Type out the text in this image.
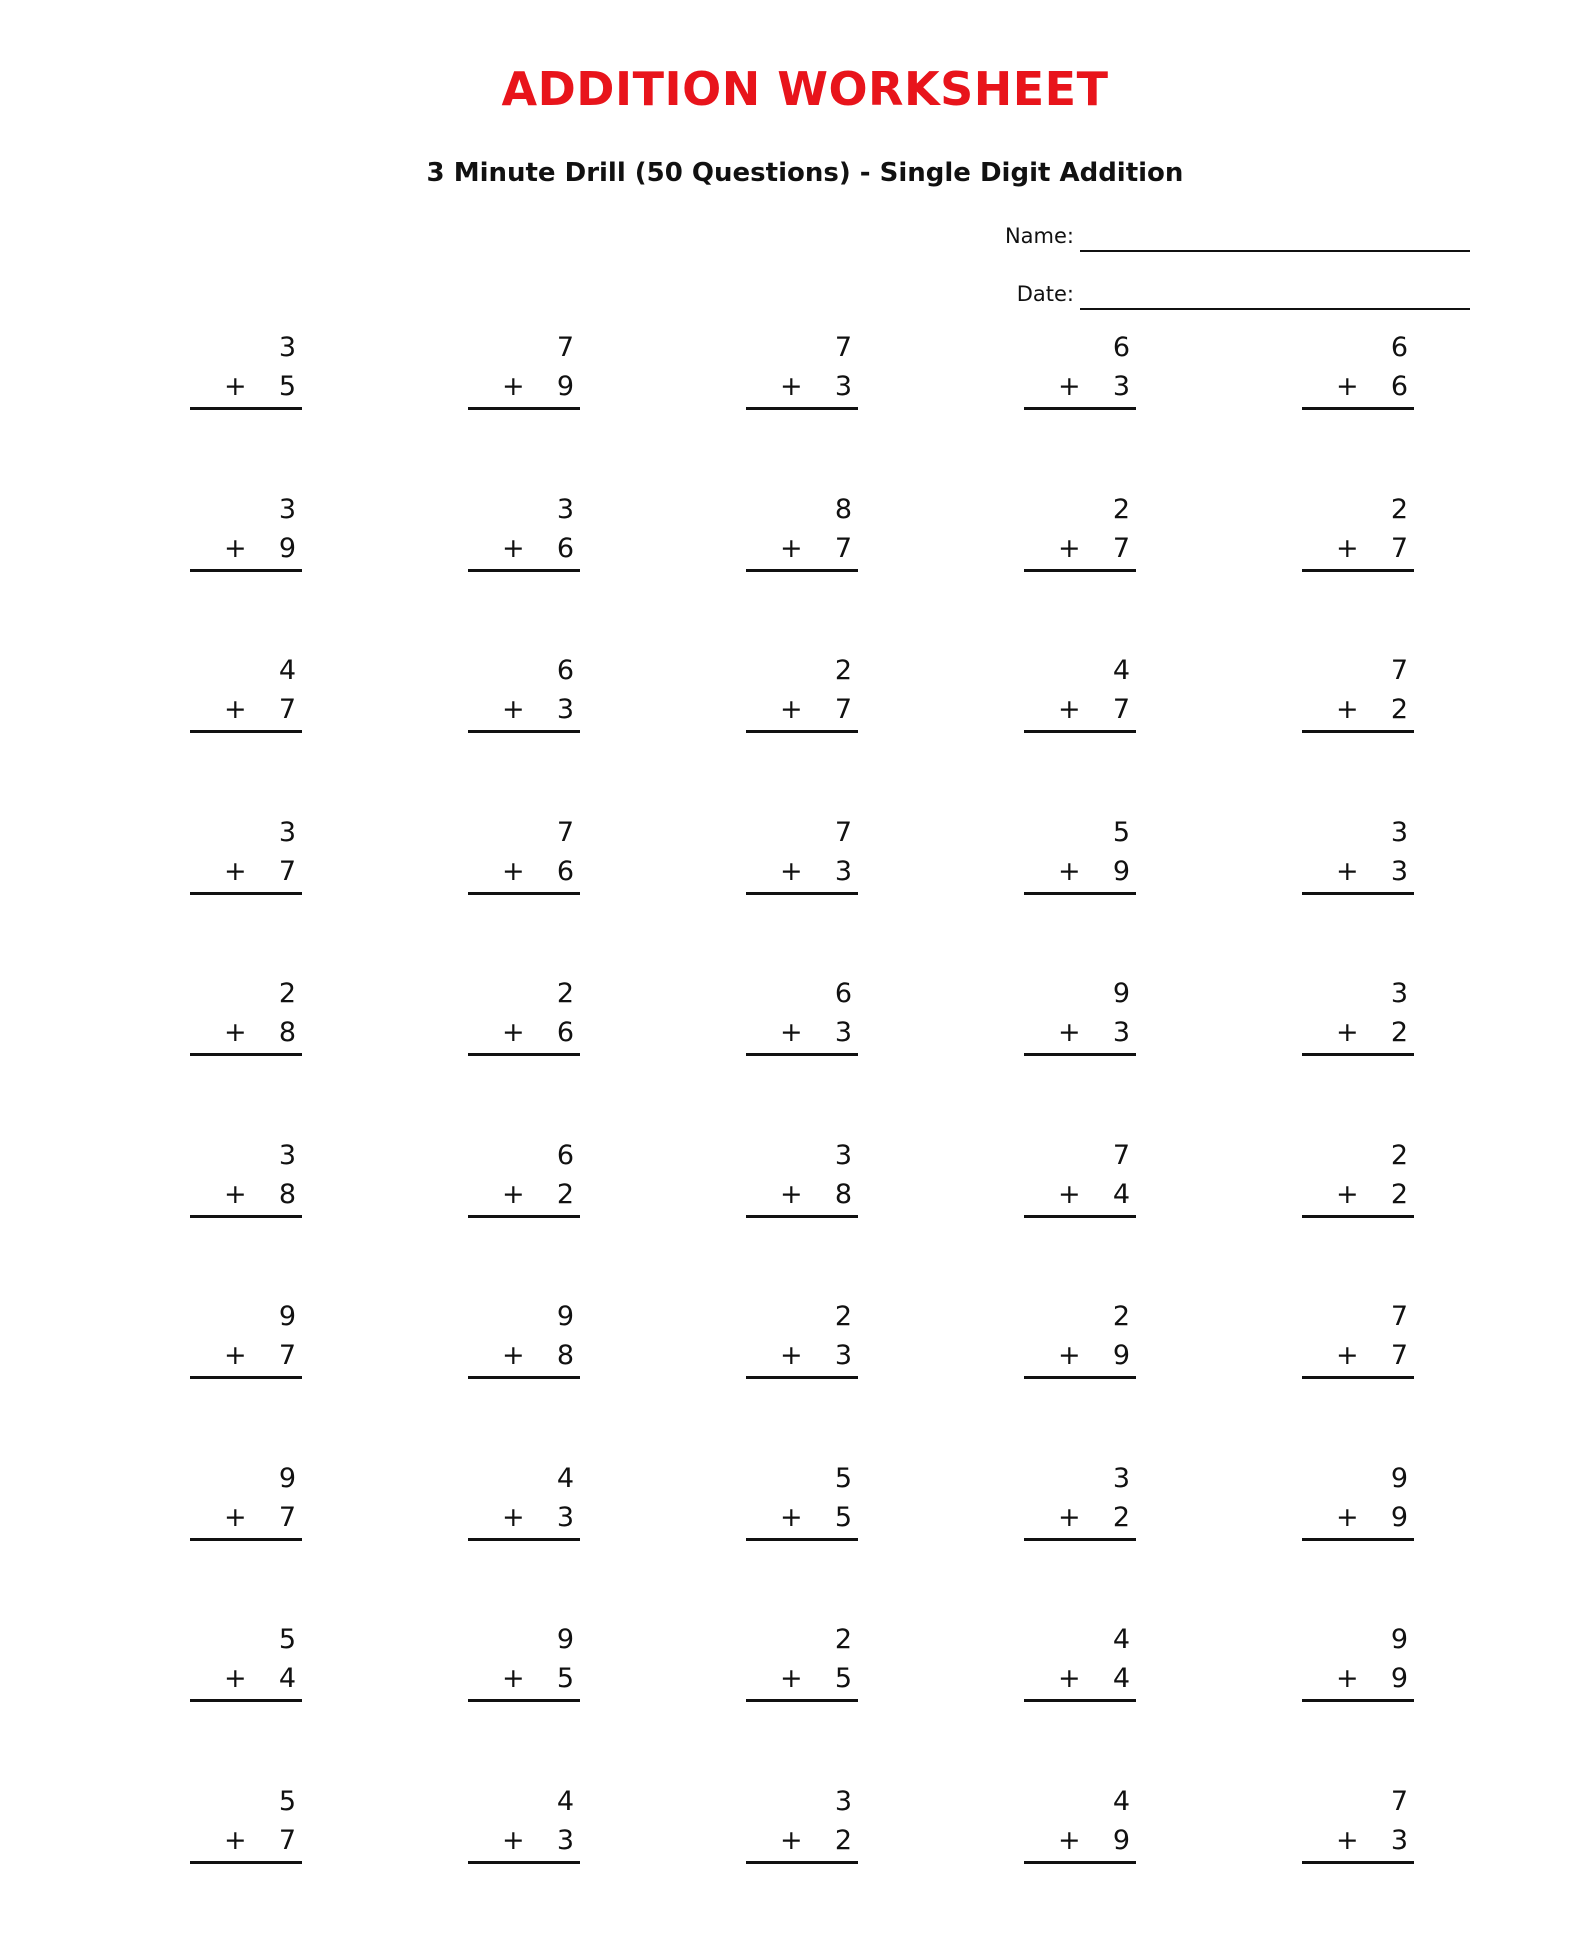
ADDITION WORKSHEET
3 Minute Drill (50 Questions) - Single Digit Addition
Name:
Date:
3
+ 5
7
+ 9
7
+ 3
6
+ 3
6
+ 6
3
+ 9
3
+ 6
8
+ 7
2
+ 7
2
+ 7
4
+ 7
6
+ 3
2
+ 7
4
+ 7
7
+ 2
3
+ 7
7
+ 6
7
+ 3
5
+ 9
3
+ 3
2
+ 8
2
+ 6
6
+ 3
9
+ 3
3
+ 2
3
+ 8
6
+ 2
3
+ 8
7
+ 4
2
+ 2
9
+ 7
9
+ 8
2
+ 3
2
+ 9
7
+ 7
9
+ 7
4
+ 3
5
+ 5
3
+ 2
9
+ 9
5
+ 4
9
+ 5
2
+ 5
4
+ 4
9
+ 9
5
+ 7
4
+ 3
3
+ 2
4
+ 9
7
+ 3
